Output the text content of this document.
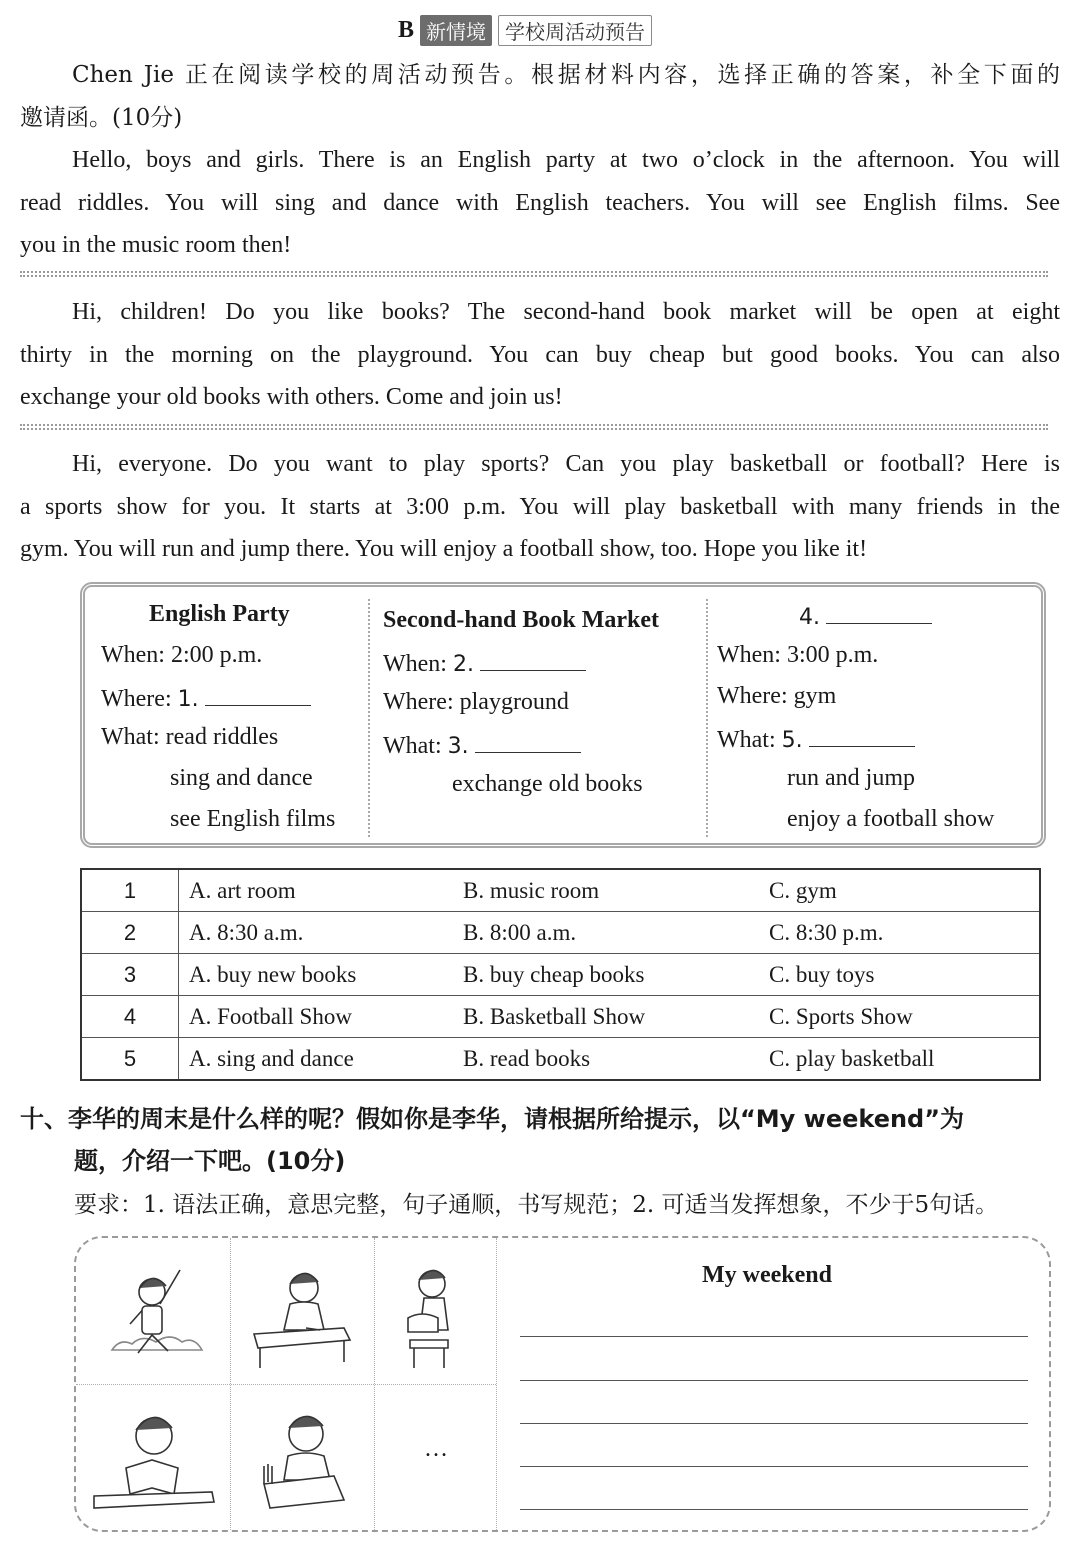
B 新情境 学校周活动预告
Chen Jie 正在阅读学校的周活动预告。根据材料内容，选择正确的答案，补全下面的
邀请函。(10分)
Hello, boys and girls. There is an English party at two o’clock in the afternoon. You will
read riddles. You will sing and dance with English teachers. You will see English films. See
you in the music room then!
Hi, children! Do you like books? The second-hand book market will be open at eight
thirty in the morning on the playground. You can buy cheap but good books. You can also
exchange your old books with others. Come and join us!
Hi, everyone. Do you want to play sports? Can you play basketball or football? Here is
a sports show for you. It starts at 3:00 p.m. You will play basketball with many friends in the
gym. You will run and jump there. You will enjoy a football show, too. Hope you like it!
English Party
When: 2:00 p.m.
Where: 1.
What: read riddles
sing and dance
see English films
Second-hand Book Market
When: 2.
Where: playground
What: 3.
exchange old books
4.
When: 3:00 p.m.
Where: gym
What: 5.
run and jump
enjoy a football show
1	A. art room	B. music room	C. gym
2	A. 8:30 a.m.	B. 8:00 a.m.	C. 8:30 p.m.
3	A. buy new books	B. buy cheap books	C. buy toys
4	A. Football Show	B. Basketball Show	C. Sports Show
5	A. sing and dance	B. read books	C. play basketball
十、李华的周末是什么样的呢？假如你是李华，请根据所给提示，以“My weekend”为
题，介绍一下吧。(10分)
要求：1. 语法正确，意思完整，句子通顺，书写规范；2. 可适当发挥想象，不少于5句话。
…
My weekend
